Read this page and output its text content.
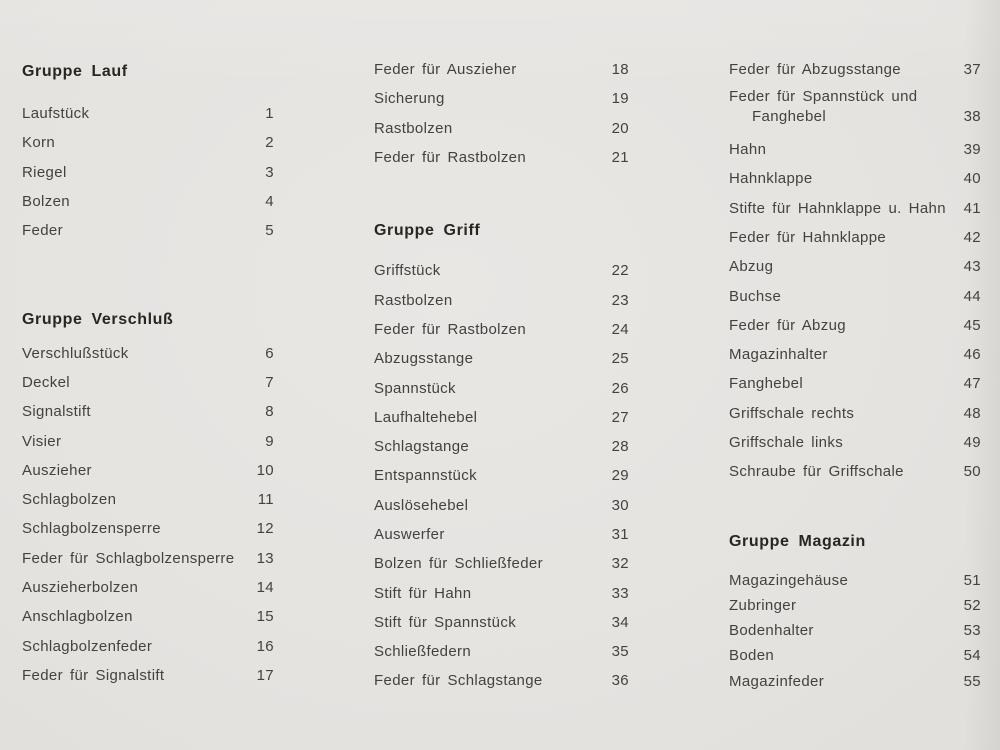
Gruppe Lauf
Laufstück	1
Korn	2
Riegel	3
Bolzen	4
Feder	5
Gruppe Verschluß
Verschlußstück	6
Deckel	7
Signalstift	8
Visier	9
Auszieher	10
Schlagbolzen	11
Schlagbolzensperre	12
Feder für Schlagbolzensperre	13
Auszieherbolzen	14
Anschlagbolzen	15
Schlagbolzenfeder	16
Feder für Signalstift	17
Feder für Auszieher	18
Sicherung	19
Rastbolzen	20
Feder für Rastbolzen	21
Gruppe Griff
Griffstück	22
Rastbolzen	23
Feder für Rastbolzen	24
Abzugsstange	25
Spannstück	26
Laufhaltehebel	27
Schlagstange	28
Entspannstück	29
Auslösehebel	30
Auswerfer	31
Bolzen für Schließfeder	32
Stift für Hahn	33
Stift für Spannstück	34
Schließfedern	35
Feder für Schlagstange	36
Feder für Abzugsstange	37
Feder für Spannstück und
Fanghebel	38
Hahn	39
Hahnklappe	40
Stifte für Hahnklappe u. Hahn	41
Feder für Hahnklappe	42
Abzug	43
Buchse	44
Feder für Abzug	45
Magazinhalter	46
Fanghebel	47
Griffschale rechts	48
Griffschale links	49
Schraube für Griffschale	50
Gruppe Magazin
Magazingehäuse	51
Zubringer	52
Bodenhalter	53
Boden	54
Magazinfeder	55
